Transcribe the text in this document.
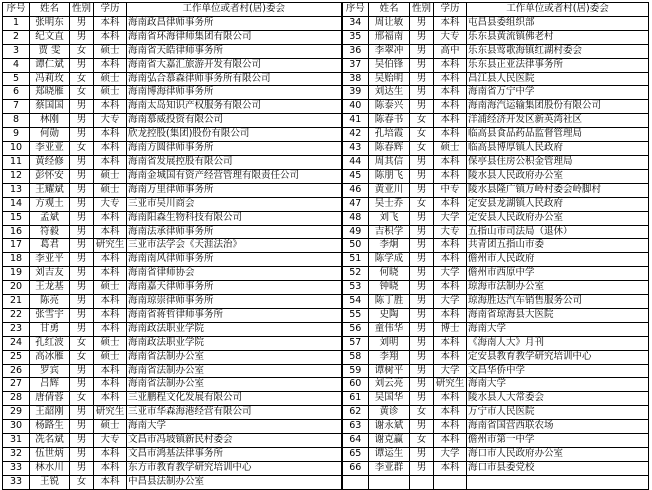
序号	姓名	性别	学历	工作单位或者村(居)委会	序号	姓名	性别	学历	工作单位或者村(居)委会
1	张明东	男	本科	海南政昌律师事务所	34	周让敏	男	本科	屯昌县委组织部
2	纪文直	男	本科	海南省环海律师集团有限公司	35	邢福南	男	大专	乐东县黄流镇佛老村
3	贾 雯	女	硕士	海南省天皓律师事务所	36	李翠冲	男	高中	乐东县莺歌海镇红湖村委会
4	谭仁斌	男	本科	海南省大嘉汇旅游开发有限公司	37	吴伯锋	男	本科	乐东县正亚法律事务所
5	冯莉玫	女	硕士	海南弘合慕森律师事务所有限公司	38	吴贻明	男	本科	昌江县人民医院
6	郑晓雁	女	硕士	海南博海律师事务所	39	刘达生	男	本科	海南省万宁中学
7	蔡国国	男	本科	海南太岛知识产权服务有限公司	40	陈泰兴	男	本科	海南海汽运输集团股份有限公司
8	林刚	男	大专	海南慕威投资有限公司	41	陈春书	女	本科	洋浦经济开发区新英湾社区
9	何勋	男	本科	欣龙控股(集团)股份有限公司	42	孔培霞	女	本科	临高县食品药品监督管理局
10	李亚亚	女	本科	海南方圆律师事务所	43	陈春辉	女	硕士	临高县博厚镇人民政府
11	黄经修	男	本科	海南省发展控股有限公司	44	周其信	男	本科	保亭县住房公积金管理局
12	彭怀安	男	硕士	海南金城国有资产经营管理有限责任公司	45	陈朋飞	男	本科	陵水县人民政府办公室
13	王耀斌	男	硕士	海南万里律师事务所	46	黄亚川	男	中专	陵水县隆广镇万岭村委会岭脚村
14	方观土	男	大专	三亚市吴川商会	47	吴士乔	女	本科	定安县龙湖镇人民政府
15	孟斌	男	本科	海南阳森生物科技有限公司	48	刘飞	男	大学	定安县人民政府办公室
16	符毅	男	本科	海南法承律师事务所	49	吉积学	男	大专	五指山市司法局（退休）
17	葛君	男	研究生	三亚市法学会《天涯法治》	50	李炯	男	本科	共青团五指山市委
18	李亚平	男	本科	海南南风律师事务所	51	陈学成	男	本科	儋州市人民政府
19	刘吉友	男	本科	海南省律师协会	52	何晓	男	大学	儋州市西原中学
20	王龙基	男	硕士	海南嘉天律师事务所	53	钟晓	男	本科	琼海市法制办公室
21	陈亮	男	本科	海南琼崇律师事务所	54	陈丁胜	男	大学	琼海胜达汽车销售服务公司
22	张雪宇	男	本科	海南省蒋哲律师事务所	55	史陶	男	本科	海南省琼海县大医院
23	甘勇	男	本科	海南政法职业学院	56	童伟华	男	博士	海南大学
24	孔红波	女	硕士	海南政法职业学院	57	刘明	男	本科	《海南人大》月刊
25	高冰雁	女	硕士	海南省法制办公室	58	李翔	男	本科	定安县教育教学研究培训中心
26	罗宾	男	本科	海南省法制办公室	59	谭树平	男	大学	文昌华侨中学
27	吕辉	男	本科	海南省法制办公室	60	刘云亮	男	研究生	海南大学
28	唐倩蓉	女	本科	三亚鹏程文化发展有限公司	61	吴国华	男	本科	陵水县人大常委会
29	王韶刚	男	研究生	三亚市华森海港经营有限公司	62	黄诊	女	本科	万宁市人民医院
30	杨路生	男	硕士	海南大学	63	谢永斌	男	本科	海南省国营西联农场
31	冼名斌	男	大专	文昌市冯坡镇新民村委会	64	谢克赢	女	本科	儋州市第一中学
32	伍世炳	男	本科	文昌市鸿基法律事务所	65	谭运生	男	大学	海口市人民政府办公室
33	林水川	男	本科	东方市教育教学研究培训中心	66	李亚群	男	本科	海口市县委党校
33	王锐	女	本科	中昌县法制办公室					
